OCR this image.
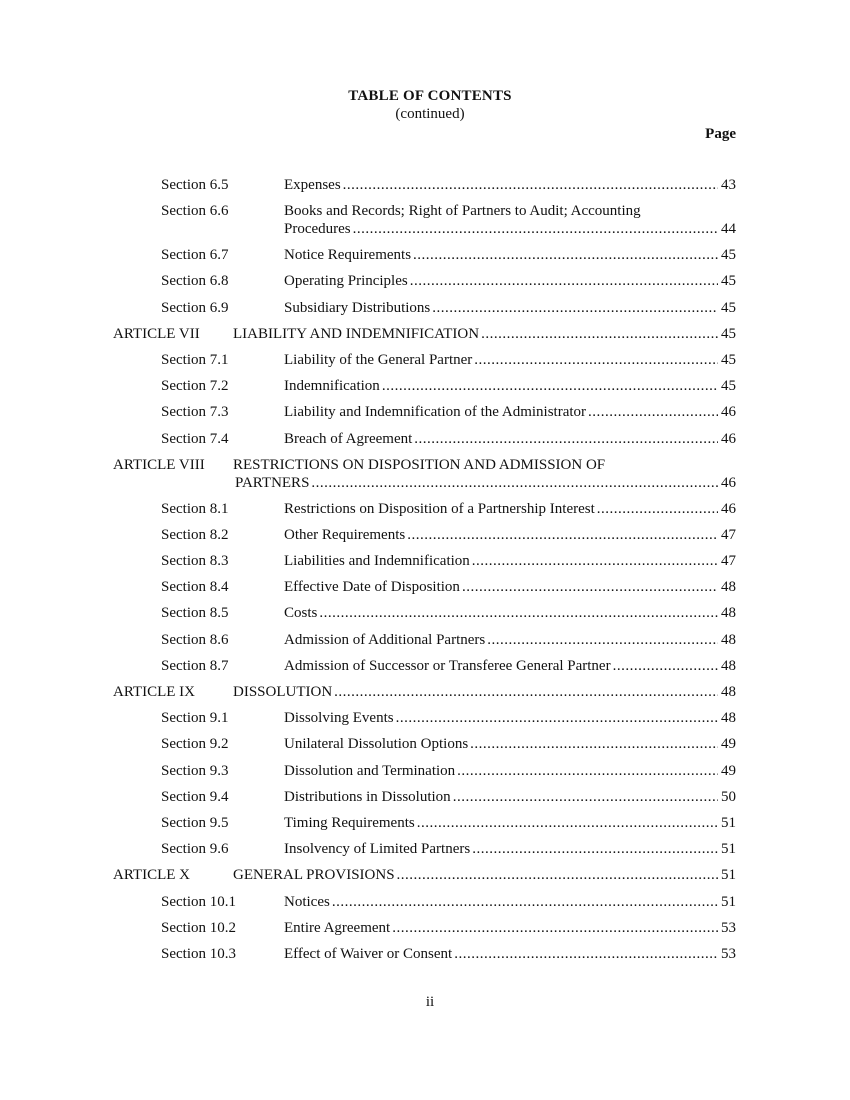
TABLE OF CONTENTS
(continued)
Page
Section 6.5	Expenses .....	43
Section 6.6	Books and Records; Right of Partners to Audit; Accounting
Procedures .....	44
Section 6.7	Notice Requirements .....	45
Section 6.8	Operating Principles .....	45
Section 6.9	Subsidiary Distributions .....	45
ARTICLE VII LIABILITY AND INDEMNIFICATION .....	45
Section 7.1	Liability of the General Partner .....	45
Section 7.2	Indemnification .....	45
Section 7.3	Liability and Indemnification of the Administrator .....	46
Section 7.4	Breach of Agreement .....	46
ARTICLE VIII RESTRICTIONS ON DISPOSITION AND ADMISSION OF
PARTNERS .....	46
Section 8.1	Restrictions on Disposition of a Partnership Interest .....	46
Section 8.2	Other Requirements .....	47
Section 8.3	Liabilities and Indemnification .....	47
Section 8.4	Effective Date of Disposition .....	48
Section 8.5	Costs .....	48
Section 8.6	Admission of Additional Partners .....	48
Section 8.7	Admission of Successor or Transferee General Partner .....	48
ARTICLE IX	DISSOLUTION .....	48
Section 9.1	Dissolving Events .....	48
Section 9.2	Unilateral Dissolution Options .....	49
Section 9.3	Dissolution and Termination .....	49
Section 9.4	Distributions in Dissolution .....	50
Section 9.5	Timing Requirements .....	51
Section 9.6	Insolvency of Limited Partners .....	51
ARTICLE X	GENERAL PROVISIONS .....	51
Section 10.1	Notices .....	51
Section 10.2	Entire Agreement .....	53
Section 10.3	Effect of Waiver or Consent .....	53
ii
